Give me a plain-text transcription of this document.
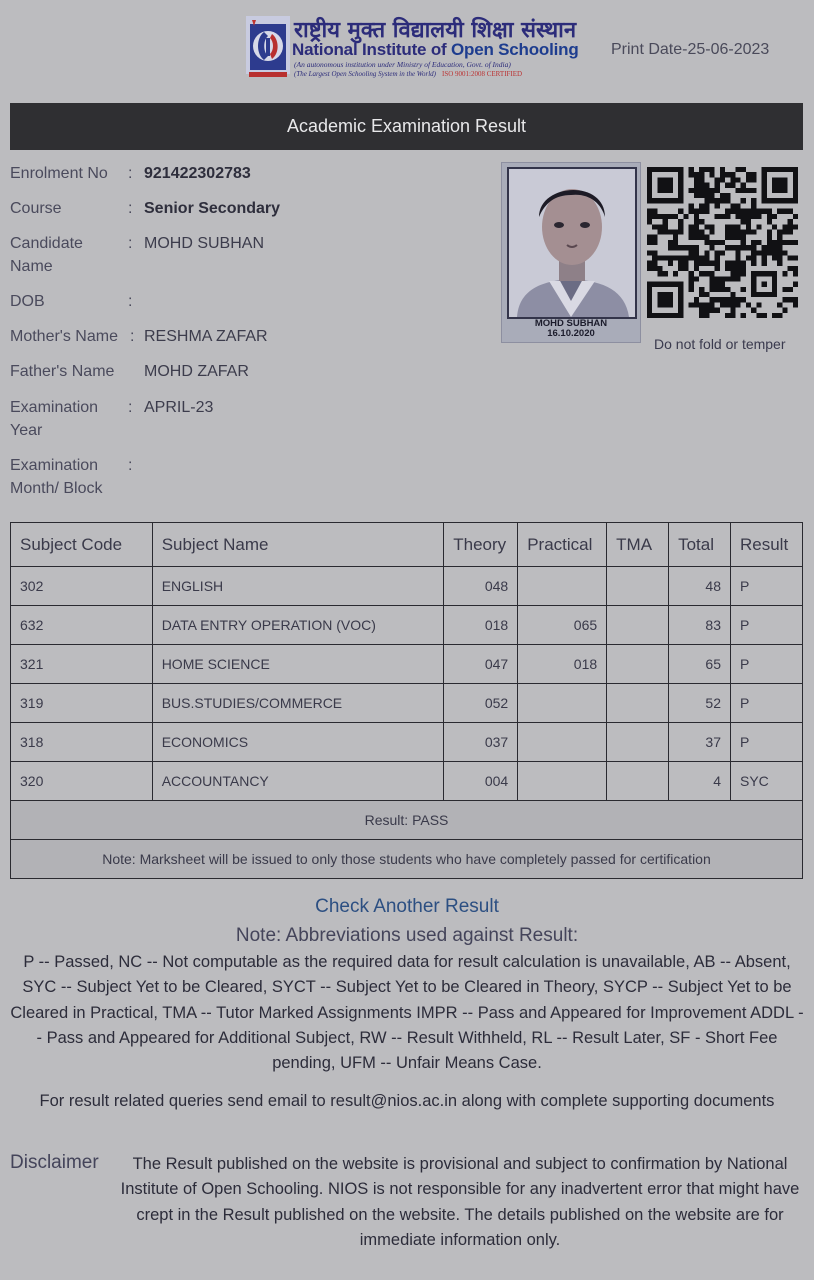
राष्ट्रीय मुक्त विद्यालयी शिक्षा संस्थान
National Institute of Open Schooling
(An autonomous institution under Ministry of Education, Govt. of India)
(The Largest Open Schooling System in the World) ISO 9001:2008 CERTIFIED
Print Date-25-06-2023
Academic Examination Result
Enrolment No	: 921422302783
Course	: Senior Secondary
Candidate Name
: MOHD SUBHAN
DOB	:
Mother's Name : RESHMA ZAFAR
Father's Name	MOHD ZAFAR
Examination Year
: APRIL-23
Examination Month/ Block
:
MOHD SUBHAN
16.10.2020
Do not fold or temper
Subject Code	Subject Name	Theory	Practical	TMA	Total	Result
302	ENGLISH	048			48	P
632	DATA ENTRY OPERATION (VOC)	018	065		83	P
321	HOME SCIENCE	047	018		65	P
319	BUS.STUDIES/COMMERCE	052			52	P
318	ECONOMICS	037			37	P
320	ACCOUNTANCY	004			4	SYC
Result: PASS						
Note: Marksheet will be issued to only those students who have completely passed for certification						
Check Another Result
Note: Abbreviations used against Result:
P -- Passed, NC -- Not computable as the required data for result calculation is unavailable, AB -- Absent, SYC -- Subject Yet to be Cleared, SYCT -- Subject Yet to be Cleared in Theory, SYCP -- Subject Yet to be Cleared in Practical, TMA -- Tutor Marked Assignments IMPR -- Pass and Appeared for Improvement ADDL -- Pass and Appeared for Additional Subject, RW -- Result Withheld, RL -- Result Later, SF - Short Fee pending, UFM -- Unfair Means Case.
For result related queries send email to result@nios.ac.in along with complete supporting documents
Disclaimer	The Result published on the website is provisional and subject to confirmation by National Institute of Open Schooling. NIOS is not responsible for any inadvertent error that might have crept in the Result published on the website. The details published on the website are for immediate information only.
